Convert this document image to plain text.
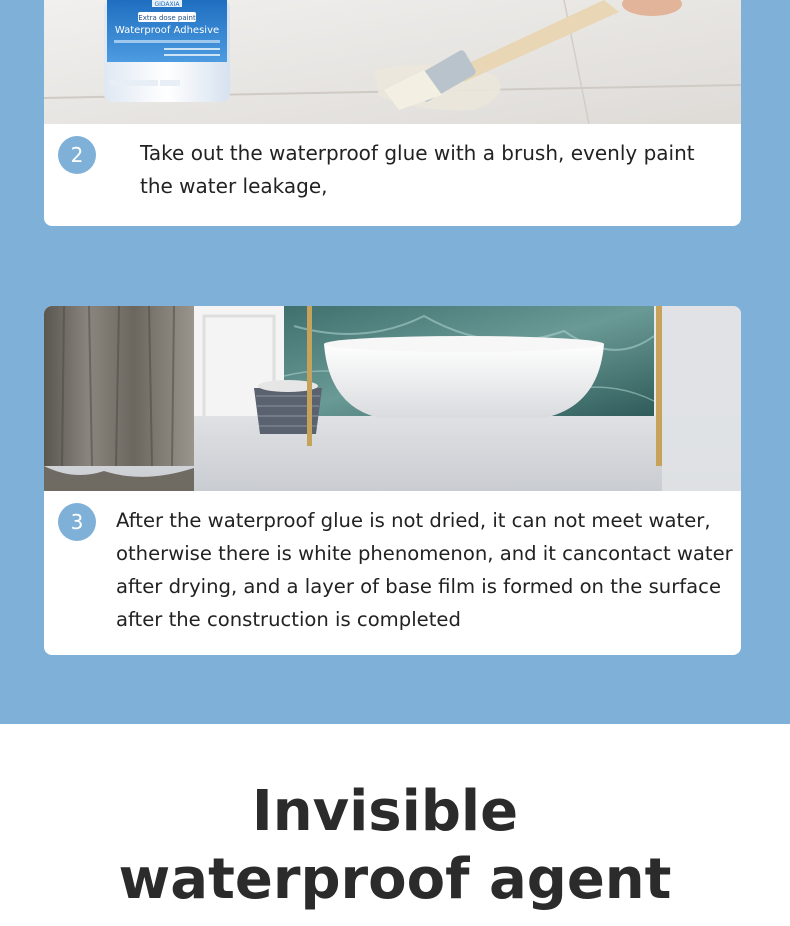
GIDAXIA
Extra dose paint
Waterproof Adhesive
2	Take out the waterproof glue with a brush, evenly paint the water leakage,

3	After the waterproof glue is not dried, it can not meet water, otherwise there is white phenomenon, and it cancontact water after drying, and a layer of base film is formed on the surface after the construction is completed

Invisible
waterproof agent
